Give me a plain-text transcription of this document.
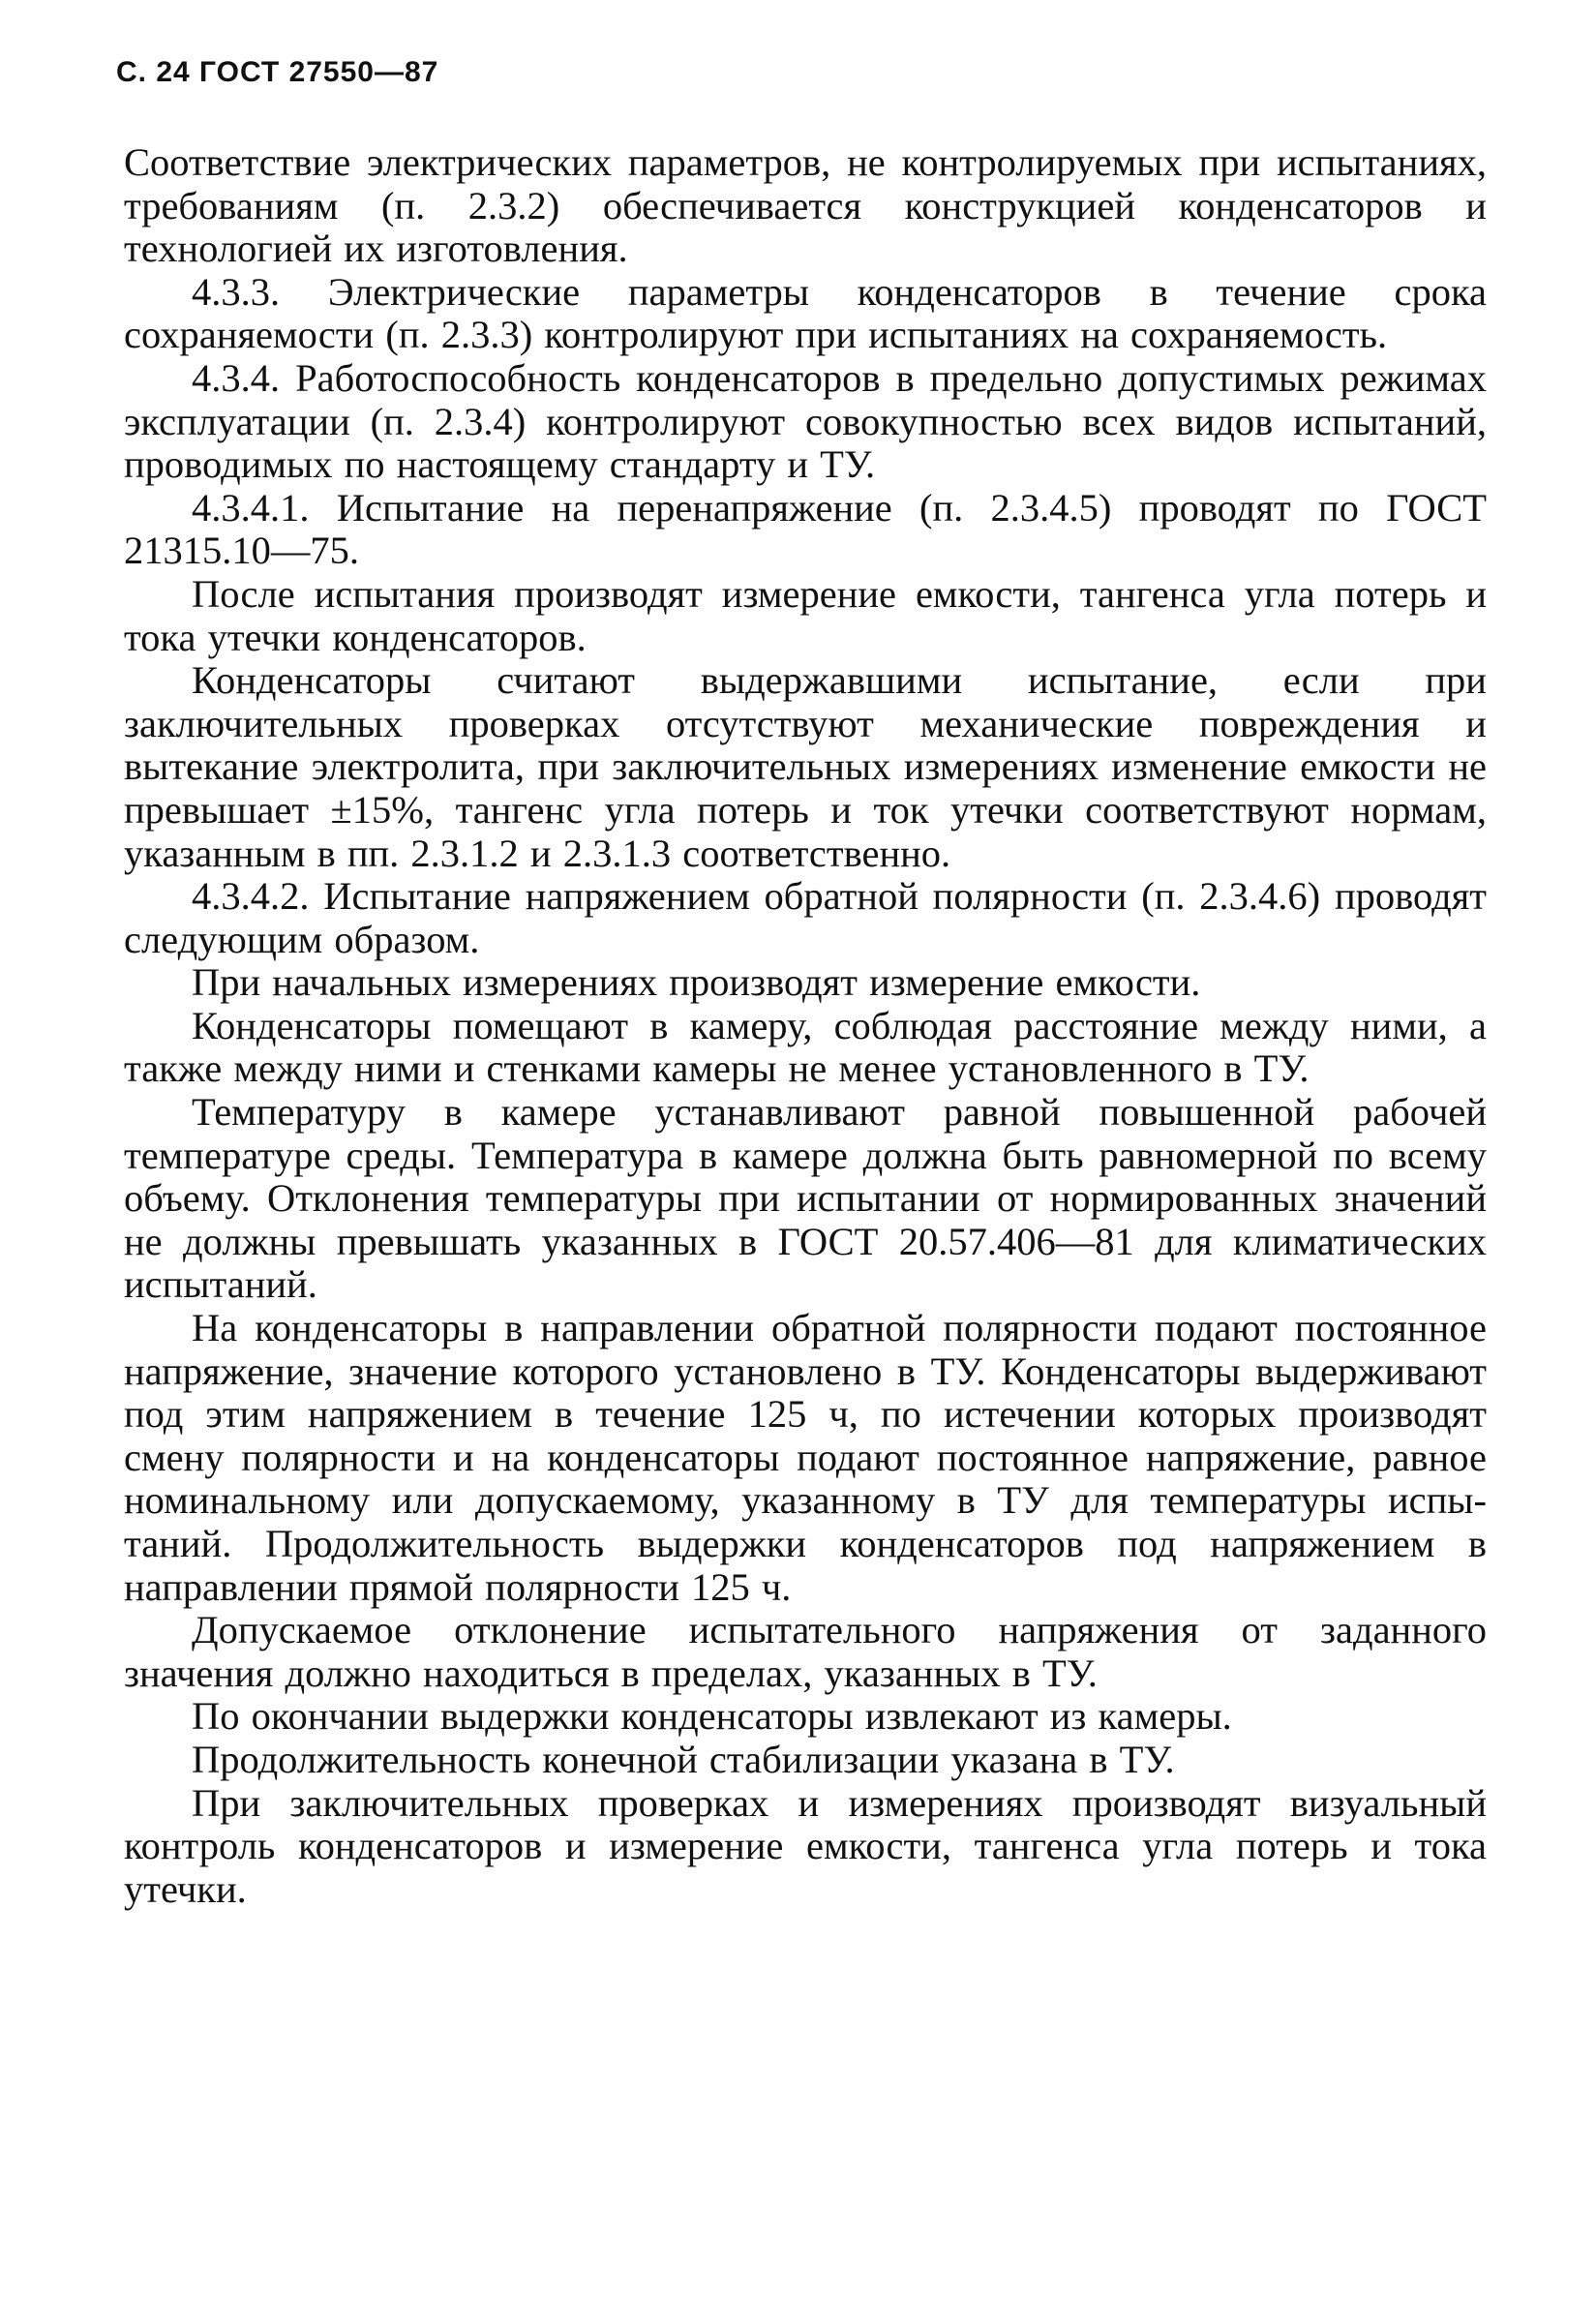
С. 24 ГОСТ 27550—87

Соответствие электрических параметров, не контролируемых при испытаниях, требованиям (п. 2.3.2) обеспечивается конструкцией конденсаторов и технологией их изготовления.

4.3.3. Электрические параметры конденсаторов в течение срока сохраняемости (п. 2.3.3) контролируют при испытаниях на сохраняемость.

4.3.4. Работоспособность конденсаторов в предельно допустимых режимах эксплуатации (п. 2.3.4) контролируют совокупностью всех видов испытаний, проводимых по настоящему стандарту и ТУ.

4.3.4.1. Испытание на перенапряжение (п. 2.3.4.5) проводят по ГОСТ 21315.10—75.

После испытания производят измерение емкости, тангенса угла потерь и тока утечки конденсаторов.

Конденсаторы считают выдержавшими испытание, если при заключительных проверках отсутствуют механические повреждения и вытекание электролита, при заключительных измерениях изменение емкости не превышает ±15%, тангенс угла потерь и ток утечки соответствуют нормам, указанным в пп. 2.3.1.2 и 2.3.1.3 соответственно.

4.3.4.2. Испытание напряжением обратной полярности (п. 2.3.4.6) проводят следующим образом.

При начальных измерениях производят измерение емкости.

Конденсаторы помещают в камеру, соблюдая расстояние между ними, а также между ними и стенками камеры не менее установленного в ТУ.

Температуру в камере устанавливают равной повышенной рабочей температуре среды. Температура в камере должна быть равномерной по всему объему. Отклонения температуры при испытании от нормированных значений не должны превышать указанных в ГОСТ 20.57.406—81 для климатических испытаний.

На конденсаторы в направлении обратной полярности подают постоянное напряжение, значение которого установлено в ТУ. Конденсаторы выдерживают под этим напряжением в течение 125 ч, по истечении которых производят смену полярности и на конденсаторы подают постоянное напряжение, равное номинальному или допускаемому, указанному в ТУ для температуры испытаний. Продолжительность выдержки конденсаторов под напряжением в направлении прямой полярности 125 ч.

Допускаемое отклонение испытательного напряжения от заданного значения должно находиться в пределах, указанных в ТУ.

По окончании выдержки конденсаторы извлекают из камеры.

Продолжительность конечной стабилизации указана в ТУ.

При заключительных проверках и измерениях производят визуальный контроль конденсаторов и измерение емкости, тангенса угла потерь и тока утечки.
